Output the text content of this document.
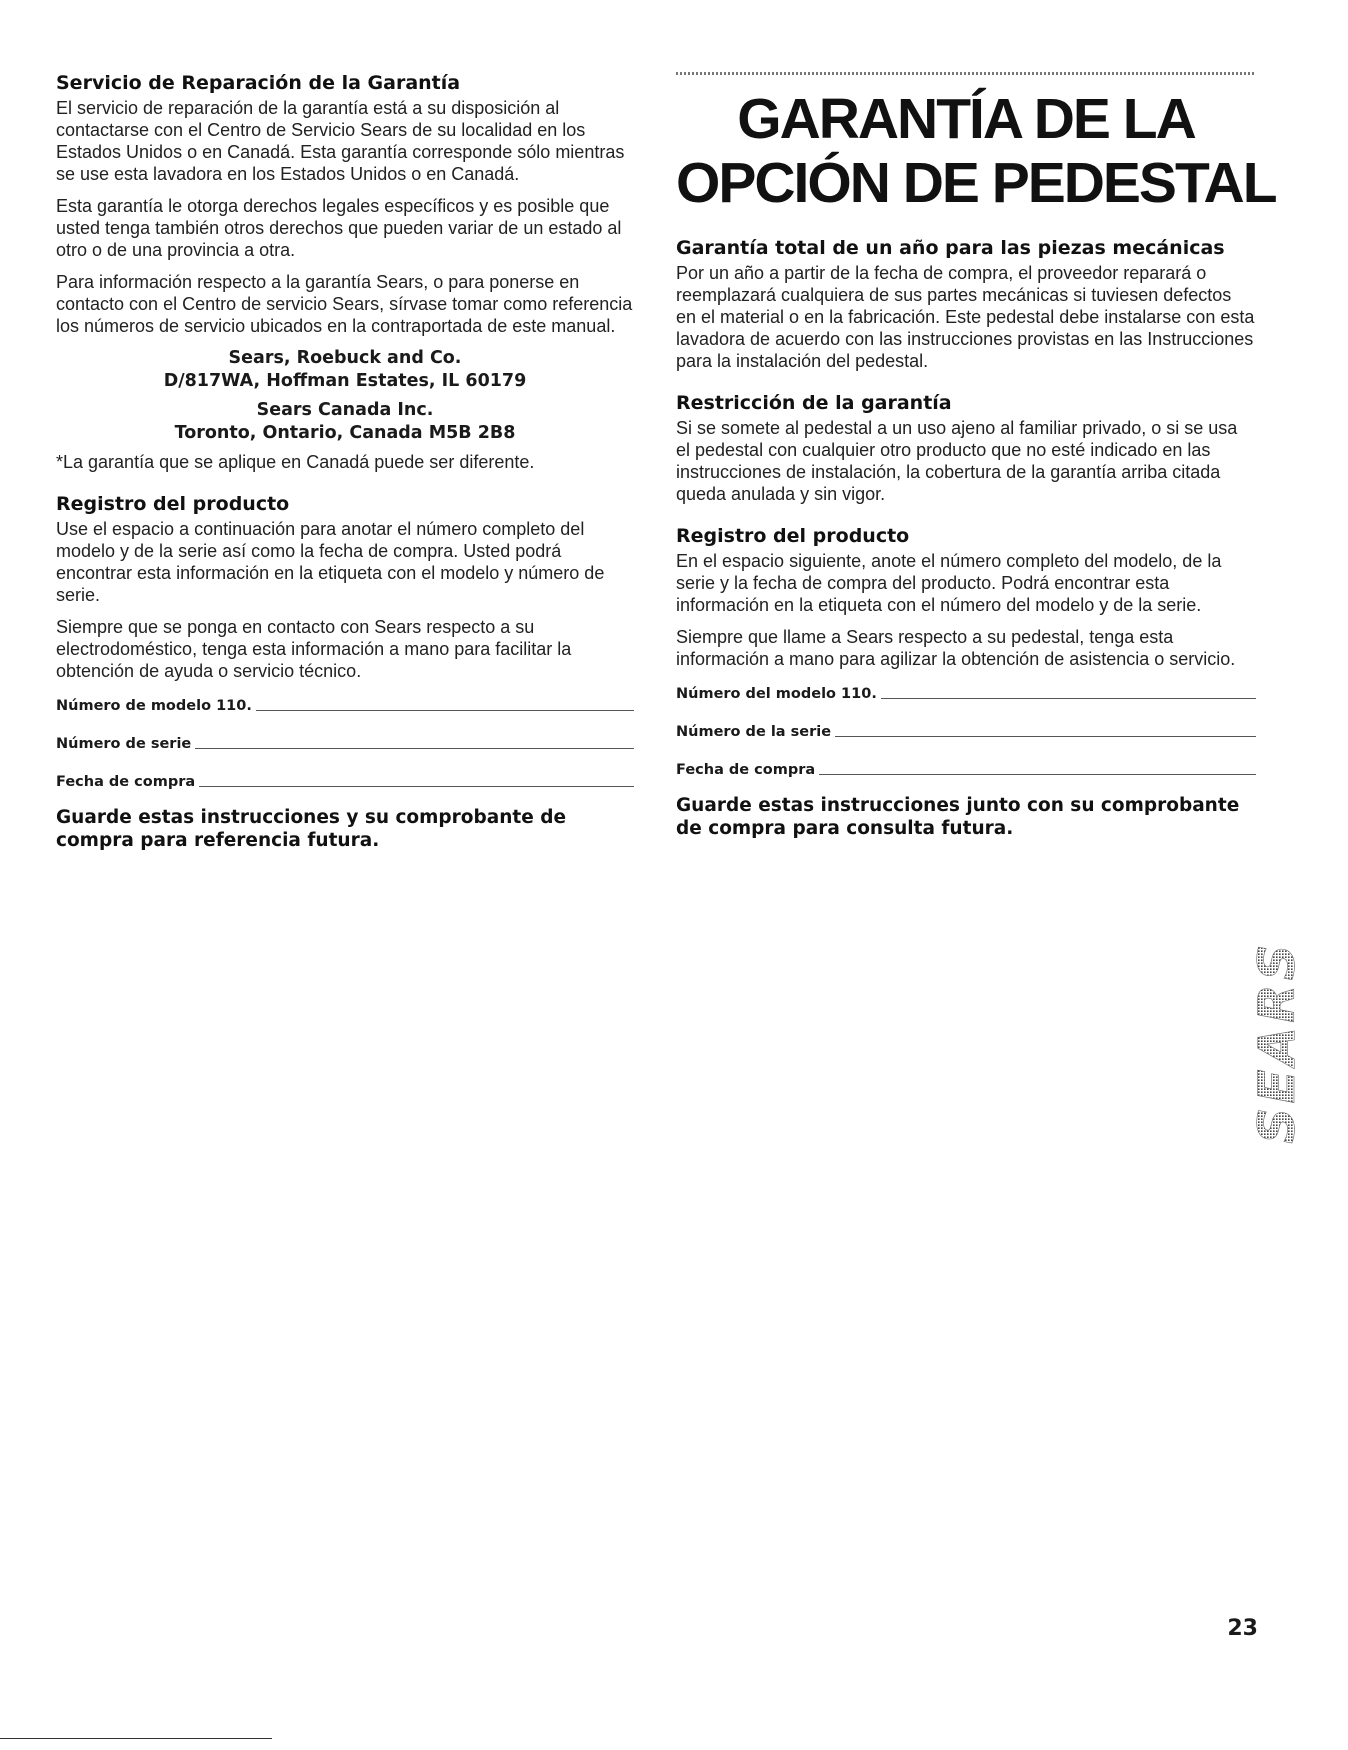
Servicio de Reparación de la Garantía

El servicio de reparación de la garantía está a su disposición al contactarse con el Centro de Servicio Sears de su localidad en los Estados Unidos o en Canadá. Esta garantía corresponde sólo mientras se use esta lavadora en los Estados Unidos o en Canadá.

Esta garantía le otorga derechos legales específicos y es posible que usted tenga también otros derechos que pueden variar de un estado al otro o de una provincia a otra.

Para información respecto a la garantía Sears, o para ponerse en contacto con el Centro de servicio Sears, sírvase tomar como referencia los números de servicio ubicados en la contraportada de este manual.

Sears, Roebuck and Co.
D/817WA, Hoffman Estates, IL 60179
Sears Canada Inc.
Toronto, Ontario, Canada M5B 2B8

*La garantía que se aplique en Canadá puede ser diferente.

Registro del producto

Use el espacio a continuación para anotar el número completo del modelo y de la serie así como la fecha de compra. Usted podrá encontrar esta información en la etiqueta con el modelo y número de serie.

Siempre que se ponga en contacto con Sears respecto a su electrodoméstico, tenga esta información a mano para facilitar la obtención de ayuda o servicio técnico.

Número de modelo 110.
Número de serie
Fecha de compra

Guarde estas instrucciones y su comprobante de compra para referencia futura.

GARANTÍA DE LA
OPCIÓN DE PEDESTAL
Garantía total de un año para las piezas mecánicas

Por un año a partir de la fecha de compra, el proveedor reparará o reemplazará cualquiera de sus partes mecánicas si tuviesen defectos en el material o en la fabricación. Este pedestal debe instalarse con esta lavadora de acuerdo con las instrucciones provistas en las Instrucciones para la instalación del pedestal.

Restricción de la garantía

Si se somete al pedestal a un uso ajeno al familiar privado, o si se usa el pedestal con cualquier otro producto que no esté indicado en las instrucciones de instalación, la cobertura de la garantía arriba citada queda anulada y sin vigor.

Registro del producto

En el espacio siguiente, anote el número completo del modelo, de la serie y la fecha de compra del producto. Podrá encontrar esta información en la etiqueta con el número del modelo y de la serie.

Siempre que llame a Sears respecto a su pedestal, tenga esta información a mano para agilizar la obtención de asistencia o servicio.

Número del modelo 110.
Número de la serie
Fecha de compra

Guarde estas instrucciones junto con su comprobante de compra para consulta futura.

SEARS
23
